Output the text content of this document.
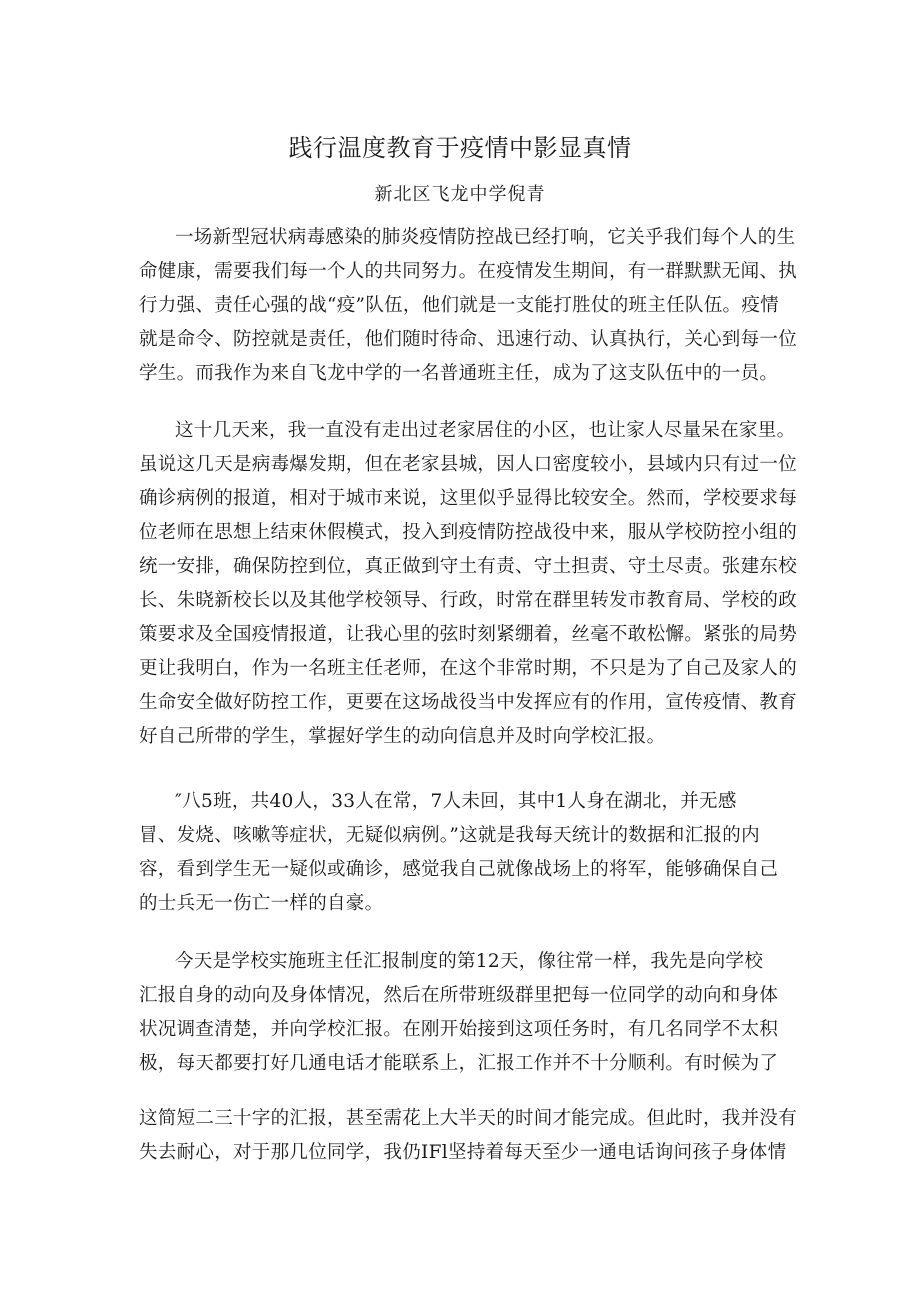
践行温度教育于疫情中影显真情
新北区飞龙中学倪青
一场新型冠状病毒感染的肺炎疫情防控战已经打响，它关乎我们每个人的生
命健康，需要我们每一个人的共同努力。在疫情发生期间，有一群默默无闻、执
行力强、责任心强的战“疫”队伍，他们就是一支能打胜仗的班主任队伍。疫情
就是命令、防控就是责任，他们随时待命、迅速行动、认真执行，关心到每一位
学生。而我作为来自飞龙中学的一名普通班主任，成为了这支队伍中的一员。
这十几天来，我一直没有走出过老家居住的小区，也让家人尽量呆在家里。
虽说这几天是病毒爆发期，但在老家县城，因人口密度较小，县域内只有过一位
确诊病例的报道，相对于城市来说，这里似乎显得比较安全。然而，学校要求每
位老师在思想上结束休假模式，投入到疫情防控战役中来，服从学校防控小组的
统一安排，确保防控到位，真正做到守土有责、守土担责、守土尽责。张建东校
长、朱晓新校长以及其他学校领导、行政，时常在群里转发市教育局、学校的政
策要求及全国疫情报道，让我心里的弦时刻紧绷着，丝毫不敢松懈。紧张的局势
更让我明白，作为一名班主任老师，在这个非常时期，不只是为了自己及家人的
生命安全做好防控工作，更要在这场战役当中发挥应有的作用，宣传疫情、教育
好自己所带的学生，掌握好学生的动向信息并及时向学校汇报。
″八5班，共40人，33人在常，7人未回，其中1人身在湖北，并无感
冒、发烧、咳嗽等症状，无疑似病例。”这就是我每天统计的数据和汇报的内
容，看到学生无一疑似或确诊，感觉我自己就像战场上的将军，能够确保自己
的士兵无一伤亡一样的自豪。
今天是学校实施班主任汇报制度的第12天，像往常一样，我先是向学校
汇报自身的动向及身体情况，然后在所带班级群里把每一位同学的动向和身体
状况调查清楚，并向学校汇报。在刚开始接到这项任务时，有几名同学不太积
极，每天都要打好几通电话才能联系上，汇报工作并不十分顺利。有时候为了
这简短二三十字的汇报，甚至需花上大半天的时间才能完成。但此时，我并没有
失去耐心，对于那几位同学，我仍IFl坚持着每天至少一通电话询问孩子身体情
